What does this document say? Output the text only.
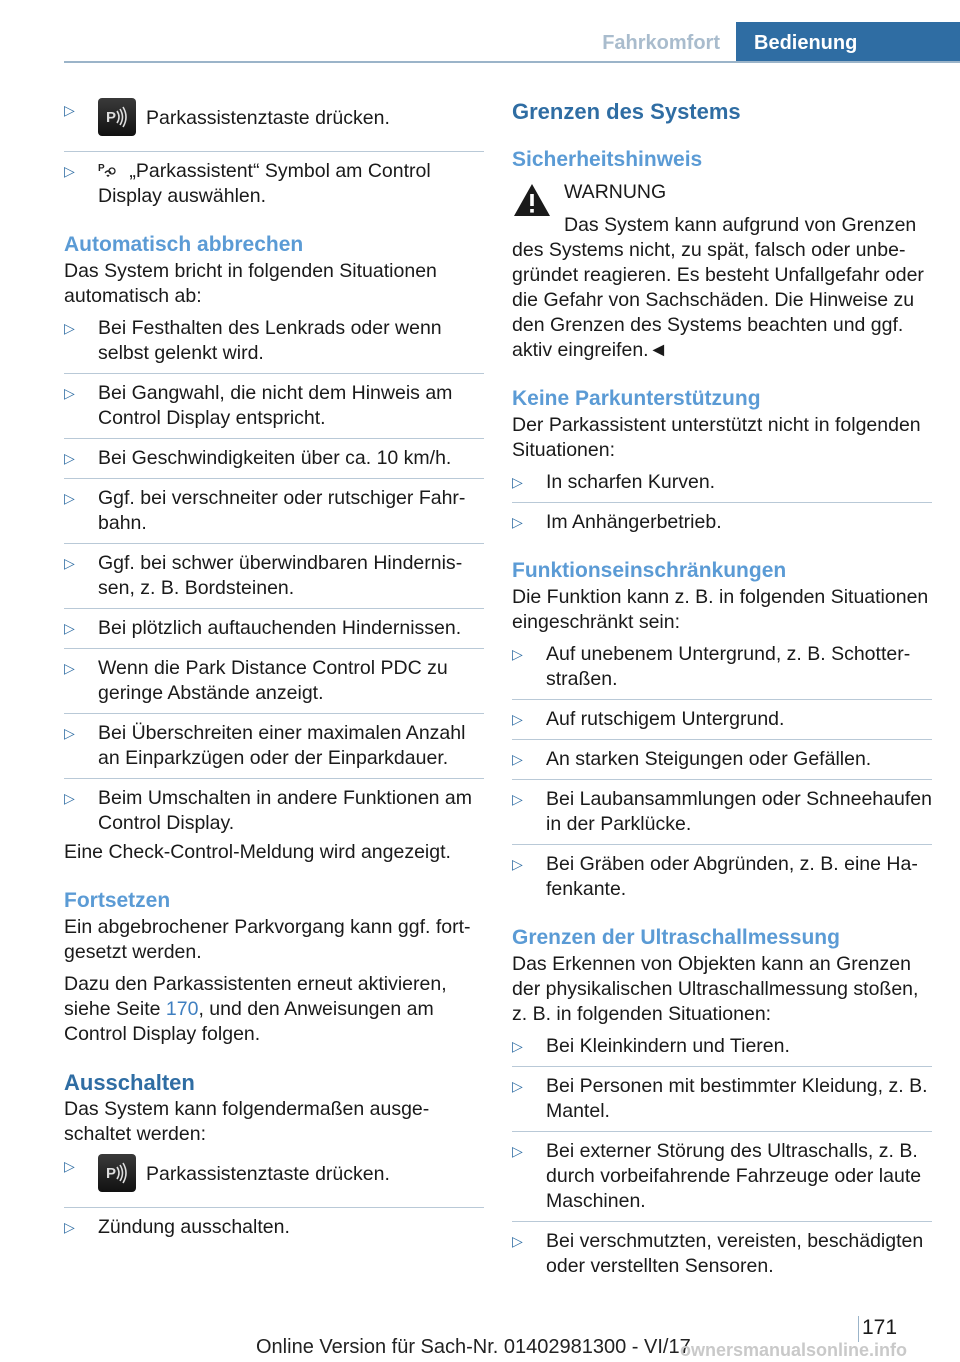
Fahrkomfort	Bedienung
▷ P Parkassistenztaste drücken.
▷	P „Parkassistent“ Symbol am Control Display auswählen.
Automatisch abbrechen

Das System bricht in folgenden Situationen automatisch ab:

▷ Bei Festhalten des Lenkrads oder wenn selbst gelenkt wird.
▷ Bei Gangwahl, die nicht dem Hinweis am Control Display entspricht.
▷ Bei Geschwindigkeiten über ca. 10 km/h.
▷ Ggf. bei verschneiter oder rutschiger Fahrbahn.
▷ Ggf. bei schwer überwindbaren Hindernissen, z. B. Bordsteinen.
▷ Bei plötzlich auftauchenden Hindernissen.
▷ Wenn die Park Distance Control PDC zu geringe Abstände anzeigt.
▷ Bei Überschreiten einer maximalen Anzahl an Einparkzügen oder der Einparkdauer.
▷ Beim Umschalten in andere Funktionen am Control Display.

Eine Check-Control-Meldung wird angezeigt.

Fortsetzen

Ein abgebrochener Parkvorgang kann ggf. fortgesetzt werden.

Dazu den Parkassistenten erneut aktivieren, siehe Seite 170, und den Anweisungen am Control Display folgen.

Ausschalten

Das System kann folgendermaßen ausgeschaltet werden:

▷ P Parkassistenztaste drücken.
▷ Zündung ausschalten.
Grenzen des Systems
Sicherheitshinweis

WARNUNG

Das System kann aufgrund von Grenzen des Systems nicht, zu spät, falsch oder unbegründet reagieren. Es besteht Unfallgefahr oder die Gefahr von Sachschäden. Die Hinweise zu den Grenzen des Systems beachten und ggf. aktiv eingreifen.◄

Keine Parkunterstützung

Der Parkassistent unterstützt nicht in folgenden Situationen:

▷ In scharfen Kurven.
▷ Im Anhängerbetrieb.
Funktionseinschränkungen

Die Funktion kann z. B. in folgenden Situationen eingeschränkt sein:

▷ Auf unebenem Untergrund, z. B. Schotterstraßen.
▷ Auf rutschigem Untergrund.
▷ An starken Steigungen oder Gefällen.
▷ Bei Laubansammlungen oder Schneehaufen in der Parklücke.
▷ Bei Gräben oder Abgründen, z. B. eine Hafenkante.
Grenzen der Ultraschallmessung

Das Erkennen von Objekten kann an Grenzen der physikalischen Ultraschallmessung stoßen, z. B. in folgenden Situationen:

▷ Bei Kleinkindern und Tieren.
▷ Bei Personen mit bestimmter Kleidung, z. B. Mantel.
▷ Bei externer Störung des Ultraschalls, z. B. durch vorbeifahrende Fahrzeuge oder laute Maschinen.
▷ Bei verschmutzten, vereisten, beschädigten oder verstellten Sensoren.
171
Online Version für Sach-Nr. 01402981300 - VI/17
ownersmanualsonline.info
